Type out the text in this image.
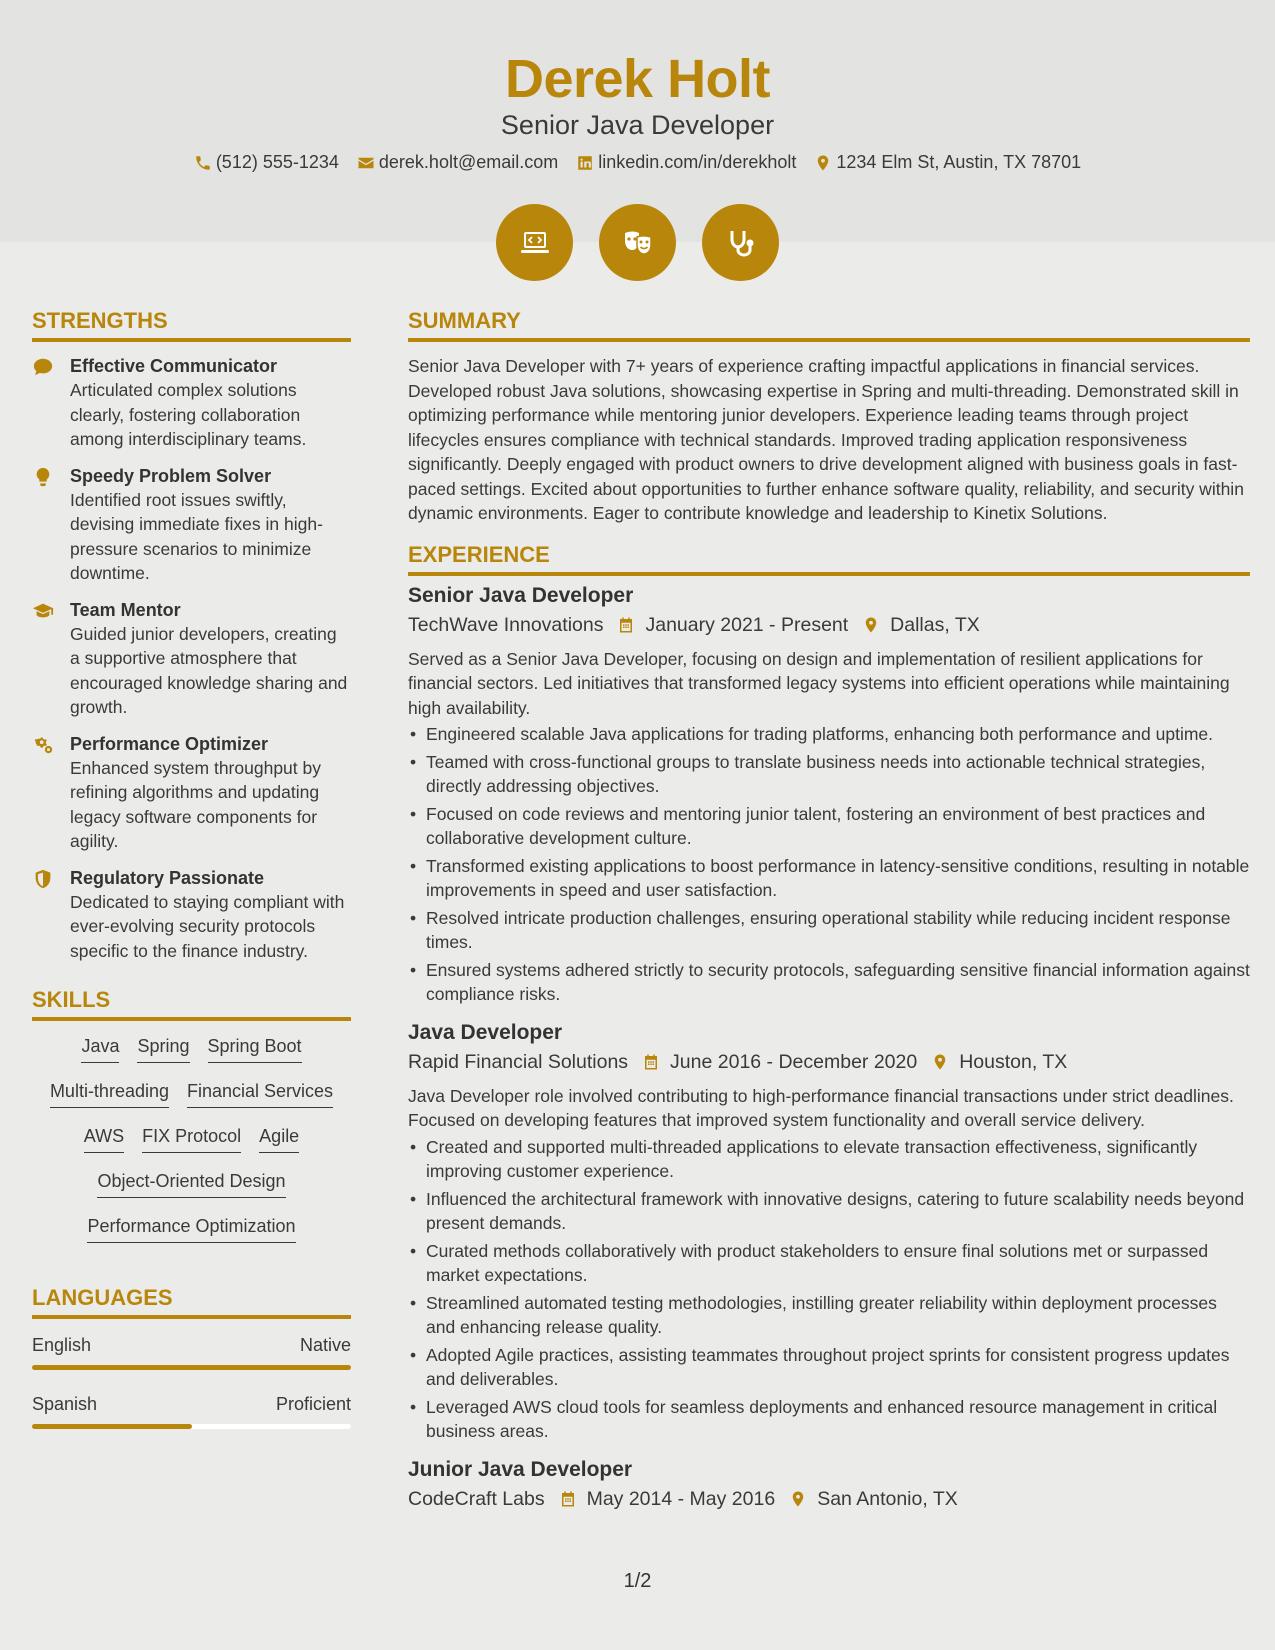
Derek Holt
Senior Java Developer
(512) 555-1234 derek.holt@email.com linkedin.com/in/derekholt 1234 Elm St, Austin, TX 78701
STRENGTHS
Effective Communicator
Articulated complex solutions clearly, fostering collaboration among interdisciplinary teams.
Speedy Problem Solver
Identified root issues swiftly, devising immediate fixes in high-pressure scenarios to minimize downtime.
Team Mentor
Guided junior developers, creating a supportive atmosphere that encouraged knowledge sharing and growth.
Performance Optimizer
Enhanced system throughput by refining algorithms and updating legacy software components for agility.
Regulatory Passionate
Dedicated to staying compliant with ever-evolving security protocols specific to the finance industry.
SKILLS
Java Spring Spring Boot
Multi-threading Financial Services
AWS FIX Protocol Agile
Object-Oriented Design
Performance Optimization
LANGUAGES
English	Native
Spanish	Proficient
SUMMARY
Senior Java Developer with 7+ years of experience crafting impactful applications in financial services. Developed robust Java solutions, showcasing expertise in Spring and multi-threading. Demonstrated skill in optimizing performance while mentoring junior developers. Experience leading teams through project lifecycles ensures compliance with technical standards. Improved trading application responsiveness significantly. Deeply engaged with product owners to drive development aligned with business goals in fast-paced settings. Excited about opportunities to further enhance software quality, reliability, and security within dynamic environments. Eager to contribute knowledge and leadership to Kinetix Solutions.
EXPERIENCE
Senior Java Developer
TechWave Innovations January 2021 - Present Dallas, TX
Served as a Senior Java Developer, focusing on design and implementation of resilient applications for financial sectors. Led initiatives that transformed legacy systems into efficient operations while maintaining high availability.
• Engineered scalable Java applications for trading platforms, enhancing both performance and uptime.
• Teamed with cross-functional groups to translate business needs into actionable technical strategies, directly addressing objectives.
• Focused on code reviews and mentoring junior talent, fostering an environment of best practices and collaborative development culture.
• Transformed existing applications to boost performance in latency-sensitive conditions, resulting in notable improvements in speed and user satisfaction.
• Resolved intricate production challenges, ensuring operational stability while reducing incident response times.
• Ensured systems adhered strictly to security protocols, safeguarding sensitive financial information against compliance risks.
Java Developer
Rapid Financial Solutions June 2016 - December 2020 Houston, TX
Java Developer role involved contributing to high-performance financial transactions under strict deadlines. Focused on developing features that improved system functionality and overall service delivery.
• Created and supported multi-threaded applications to elevate transaction effectiveness, significantly improving customer experience.
• Influenced the architectural framework with innovative designs, catering to future scalability needs beyond present demands.
• Curated methods collaboratively with product stakeholders to ensure final solutions met or surpassed market expectations.
• Streamlined automated testing methodologies, instilling greater reliability within deployment processes and enhancing release quality.
• Adopted Agile practices, assisting teammates throughout project sprints for consistent progress updates and deliverables.
• Leveraged AWS cloud tools for seamless deployments and enhanced resource management in critical business areas.
Junior Java Developer
CodeCraft Labs May 2014 - May 2016 San Antonio, TX
1/2
